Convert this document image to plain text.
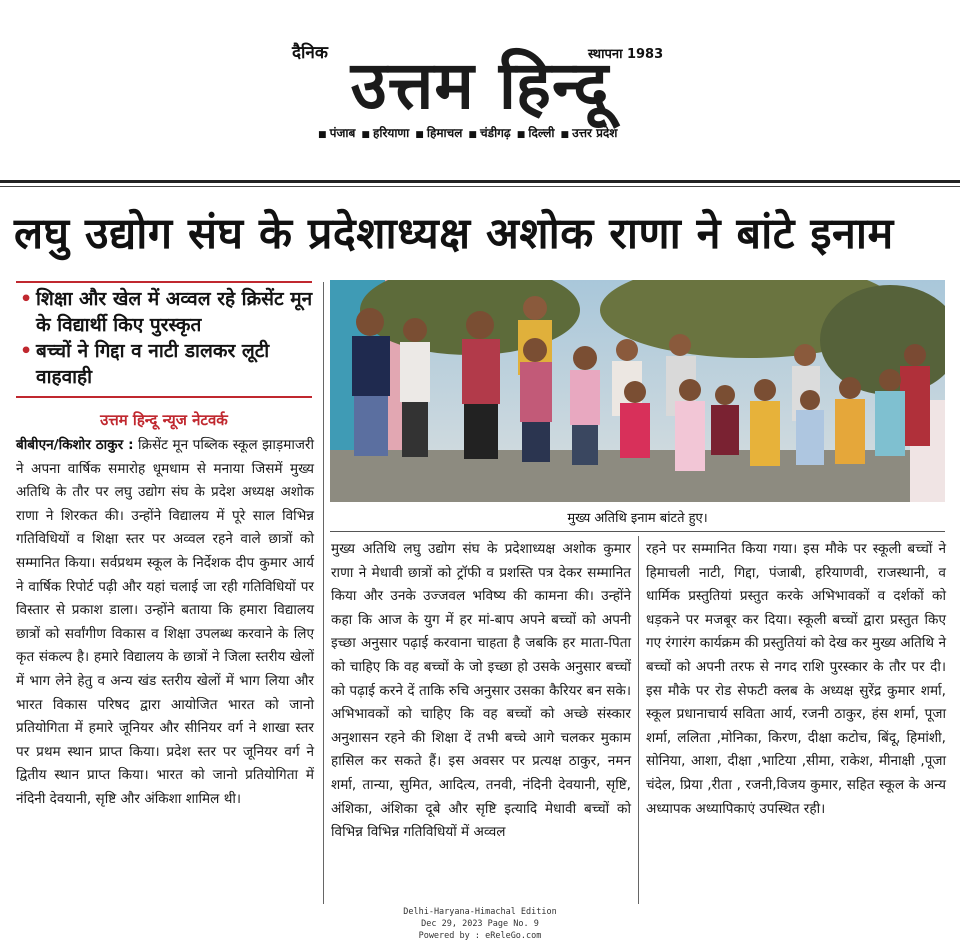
दैनिक उत्तम हिन्दू
स्थापना 1983
■ पंजाब	■ हरियाणा	■ हिमाचल	■ चंडीगढ़	■ दिल्ली	■ उत्तर प्रदेश
लघु उद्योग संघ के प्रदेशाध्यक्ष अशोक राणा ने बांटे इनाम
• शिक्षा और खेल में अव्वल रहे क्रिसेंट मून के विद्यार्थी किए पुरस्कृत
• बच्चों ने गिद्दा व नाटी डालकर लूटी वाहवाही
उत्तम हिन्दू न्यूज नेटवर्क
बीबीएन/किशोर ठाकुर : क्रिसेंट मून पब्लिक स्कूल झाड़माजरी ने अपना वार्षिक समारोह धूमधाम से मनाया जिसमें मुख्य अतिथि के तौर पर लघु उद्योग संघ के प्रदेश अध्यक्ष अशोक राणा ने शिरकत की। उन्होंने विद्यालय में पूरे साल विभिन्न गतिविधियों व शिक्षा स्तर पर अव्वल रहने वाले छात्रों को सम्मानित किया। सर्वप्रथम स्कूल के निर्देशक दीप कुमार आर्य ने वार्षिक रिपोर्ट पढ़ी और यहां चलाई जा रही गतिविधियों पर विस्तार से प्रकाश डाला। उन्होंने बताया कि हमारा विद्यालय छात्रों को सर्वांगीण विकास व शिक्षा उपलब्ध करवाने के लिए कृत संकल्प है। हमारे विद्यालय के छात्रों ने जिला स्तरीय खेलों में भाग लेने हेतु व अन्य खंड स्तरीय खेलों में भाग लिया और भारत विकास परिषद द्वारा आयोजित भारत को जानो प्रतियोगिता में हमारे जूनियर और सीनियर वर्ग ने शाखा स्तर पर प्रथम स्थान प्राप्त किया। प्रदेश स्तर पर जूनियर वर्ग ने द्वितीय स्थान प्राप्त किया। भारत को जानो प्रतियोगिता में नंदिनी देवयानी, सृष्टि और अंकिशा शामिल थी।
मुख्य अतिथि इनाम बांटते हुए।
मुख्य अतिथि लघु उद्योग संघ के प्रदेशाध्यक्ष अशोक कुमार राणा ने मेधावी छात्रों को ट्रॉफी व प्रशस्ति पत्र देकर सम्मानित किया और उनके उज्जवल भविष्य की कामना की। उन्होंने कहा कि आज के युग में हर मां-बाप अपने बच्चों को अपनी इच्छा अनुसार पढ़ाई करवाना चाहता है जबकि हर माता-पिता को चाहिए कि वह बच्चों के जो इच्छा हो उसके अनुसार बच्चों को पढ़ाई करने दें ताकि रुचि अनुसार उसका कैरियर बन सके। अभिभावकों को चाहिए कि वह बच्चों को अच्छे संस्कार अनुशासन रहने की शिक्षा दें तभी बच्चे आगे चलकर मुकाम हासिल कर सकते हैं। इस अवसर पर प्रत्यक्ष ठाकुर, नमन शर्मा, तान्या, सुमित, आदित्य, तनवी, नंदिनी देवयानी, सृष्टि, अंशिका, अंशिका दूबे और सृष्टि इत्यादि मेधावी बच्चों को विभिन्न विभिन्न गतिविधियों में अव्वल
रहने पर सम्मानित किया गया। इस मौके पर स्कूली बच्चों ने हिमाचली नाटी, गिद्दा, पंजाबी, हरियाणवी, राजस्थानी, व धार्मिक प्रस्तुतियां प्रस्तुत करके अभिभावकों व दर्शकों को धड़कने पर मजबूर कर दिया। स्कूली बच्चों द्वारा प्रस्तुत किए गए रंगारंग कार्यक्रम की प्रस्तुतियां को देख कर मुख्य अतिथि ने बच्चों को अपनी तरफ से नगद राशि पुरस्कार के तौर पर दी। इस मौके पर रोड सेफटी क्लब के अध्यक्ष सुरेंद्र कुमार शर्मा, स्कूल प्रधानाचार्य सविता आर्य, रजनी ठाकुर, हंस शर्मा, पूजा शर्मा, ललिता ,मोनिका, किरण, दीक्षा कटोच, बिंदू, हिमांशी, सोनिया, आशा, दीक्षा ,भाटिया ,सीमा, राकेश, मीनाक्षी ,पूजा चंदेल, प्रिया ,रीता , रजनी,विजय कुमार, सहित स्कूल के अन्य अध्यापक अध्यापिकाएं उपस्थित रही।
Delhi-Haryana-Himachal Edition
Dec 29, 2023 Page No. 9
Powered by : eReleGo.com
